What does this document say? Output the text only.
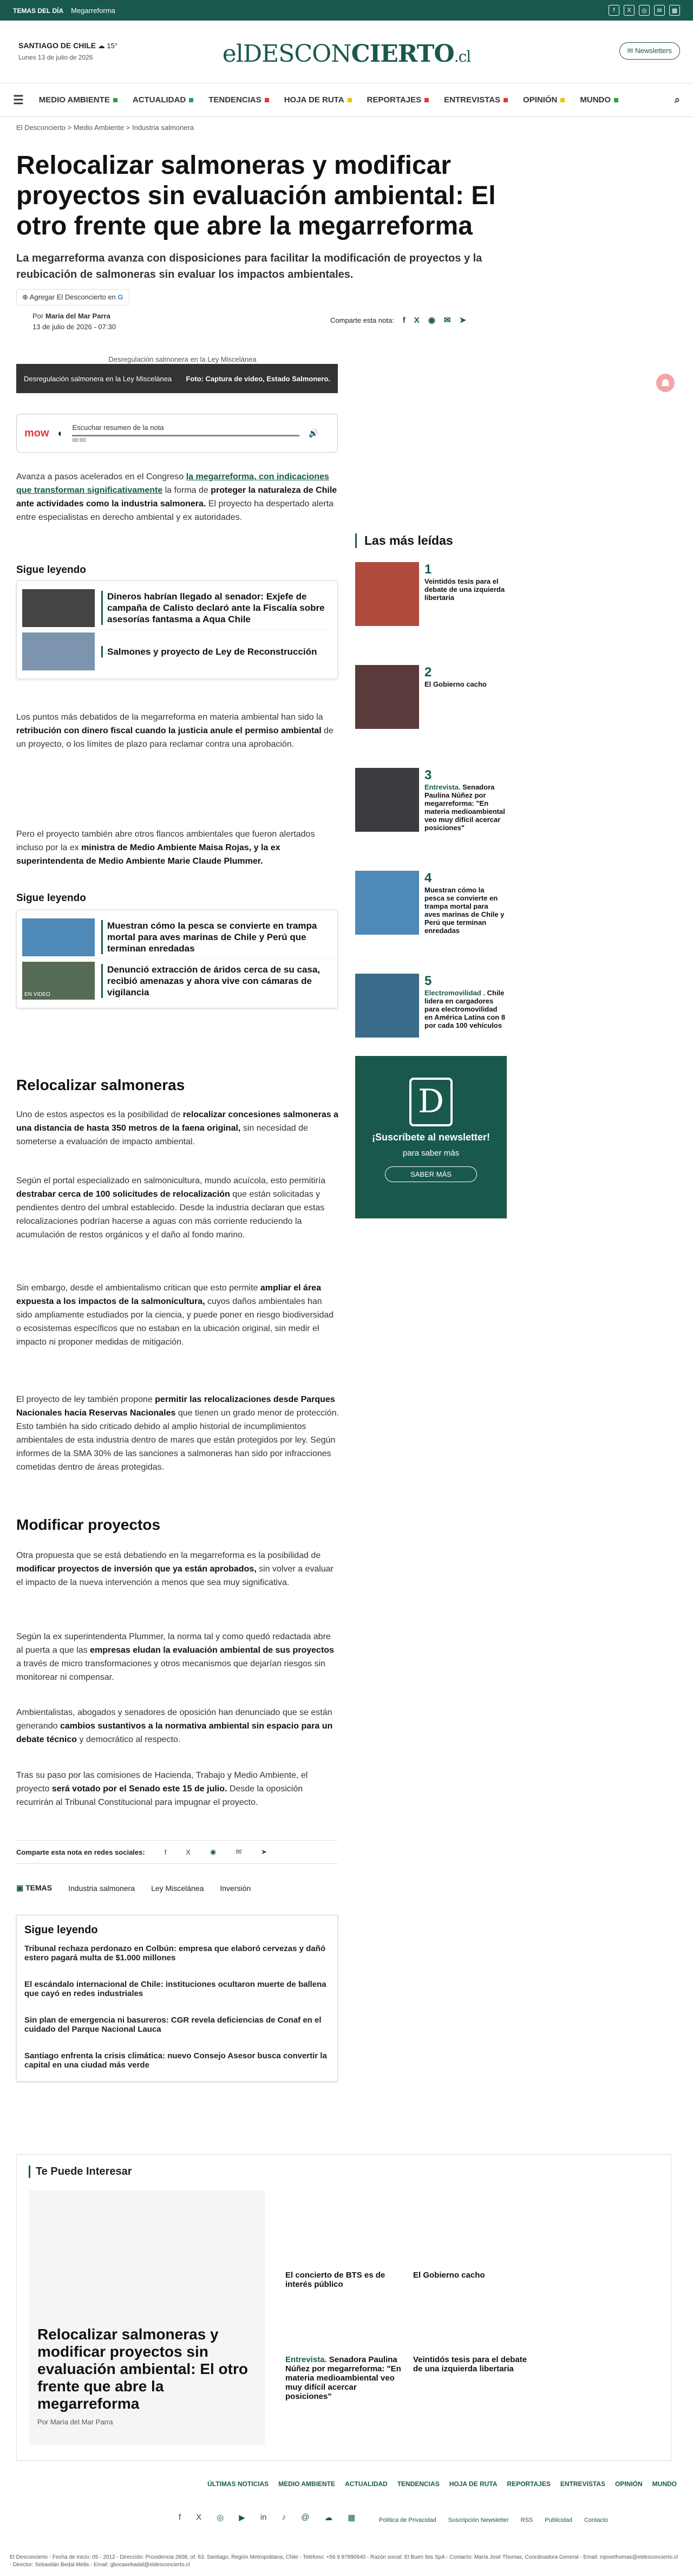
TEMAS DEL DÍA Megarreforma	f	X	◎	✉	▦
SANTIAGO DE CHILE ☁ 15°
Lunes 13 de julio de 2026	elDESCONCIERTO.cl	✉ Newsletters
☰ MEDIO AMBIENTE	ACTUALIDAD	TENDENCIAS	HOJA DE RUTA	REPORTAJES	ENTREVISTAS	OPINIÓN	MUNDO	⌕
El Desconcierto > Medio Ambiente > Industria salmonera
Relocalizar salmoneras y modificar proyectos sin evaluación ambiental: El otro frente que abre la megarreforma
La megarreforma avanza con disposiciones para facilitar la modificación de proyectos y la reubicación de salmoneras sin evaluar los impactos ambientales.
⊕ Agregar El Desconcierto en G
Por María del Mar Parra
13 de julio de 2026 - 07:30
Comparte esta nota: f X ◉ ✉ ➤
Desregulación salmonera en la Ley Miscelánea
Desregulación salmonera en la Ley Miscelánea Foto: Captura de video, Estado Salmonero.	☗
mow ◐
Escuchar resumen de la nota
00:00
🔊
Avanza a pasos acelerados en el Congreso la megarreforma, con indicaciones que transforman significativamente la forma de proteger la naturaleza de Chile ante actividades como la industria salmonera. El proyecto ha despertado alerta entre especialistas en derecho ambiental y ex autoridades.
Sigue leyendo
Dineros habrían llegado al senador: Exjefe de campaña de Calisto declaró ante la Fiscalía sobre asesorías fantasma a Aqua Chile
Salmones y proyecto de Ley de Reconstrucción
Los puntos más debatidos de la megarreforma en materia ambiental han sido la retribución con dinero fiscal cuando la justicia anule el permiso ambiental de un proyecto, o los límites de plazo para reclamar contra una aprobación.
Pero el proyecto también abre otros flancos ambientales que fueron alertados incluso por la ex ministra de Medio Ambiente Maisa Rojas, y la ex superintendenta de Medio Ambiente Marie Claude Plummer.
Sigue leyendo
Muestran cómo la pesca se convierte en trampa mortal para aves marinas de Chile y Perú que terminan enredadas
EN VIDEO
Denunció extracción de áridos cerca de su casa, recibió amenazas y ahora vive con cámaras de vigilancia
Relocalizar salmoneras
Uno de estos aspectos es la posibilidad de relocalizar concesiones salmoneras a una distancia de hasta 350 metros de la faena original, sin necesidad de someterse a evaluación de impacto ambiental.
Según el portal especializado en salmonicultura, mundo acuícola, esto permitiría destrabar cerca de 100 solicitudes de relocalización que están solicitadas y pendientes dentro del umbral establecido. Desde la industria declaran que estas relocalizaciones podrían hacerse a aguas con más corriente reduciendo la acumulación de restos orgánicos y el daño al fondo marino.
Sin embargo, desde el ambientalismo critican que esto permite ampliar el área expuesta a los impactos de la salmonicultura, cuyos daños ambientales han sido ampliamente estudiados por la ciencia, y puede poner en riesgo biodiversidad o ecosistemas específicos que no estaban en la ubicación original, sin medir el impacto ni proponer medidas de mitigación.
El proyecto de ley también propone permitir las relocalizaciones desde Parques Nacionales hacia Reservas Nacionales que tienen un grado menor de protección. Esto también ha sido criticado debido al amplio historial de incumplimientos ambientales de esta industria dentro de mares que están protegidos por ley. Según informes de la SMA 30% de las sanciones a salmoneras han sido por infracciones cometidas dentro de áreas protegidas.
Modificar proyectos
Otra propuesta que se está debatiendo en la megarreforma es la posibilidad de modificar proyectos de inversión que ya están aprobados, sin volver a evaluar el impacto de la nueva intervención a menos que sea muy significativa.
Según la ex superintendenta Plummer, la norma tal y como quedó redactada abre al puerta a que las empresas eludan la evaluación ambiental de sus proyectos a través de micro transformaciones y otros mecanismos que dejarían riesgos sin monitorear ni compensar.
Ambientalistas, abogados y senadores de oposición han denunciado que se están generando cambios sustantivos a la normativa ambiental sin espacio para un debate técnico y democrático al respecto.
Tras su paso por las comisiones de Hacienda, Trabajo y Medio Ambiente, el proyecto será votado por el Senado este 15 de julio. Desde la oposición recurrirán al Tribunal Constitucional para impugnar el proyecto.
Comparte esta nota en redes sociales:	f	X	◉	✉	➤
▣ TEMAS Industria salmonera Ley Miscelánea Inversión
Sigue leyendo
Tribunal rechaza perdonazo en Colbún: empresa que elaboró cervezas y dañó estero pagará multa de $1.000 millones
El escándalo internacional de Chile: instituciones ocultaron muerte de ballena que cayó en redes industriales
Sin plan de emergencia ni basureros: CGR revela deficiencias de Conaf en el cuidado del Parque Nacional Lauca
Santiago enfrenta la crisis climática: nuevo Consejo Asesor busca convertir la capital en una ciudad más verde
Las más leídas
1
Veintidós tesis para el debate de una izquierda libertaria
2
El Gobierno cacho
3
Entrevista. Senadora Paulina Núñez por megarreforma: "En materia medioambiental veo muy difícil acercar posiciones"
4
Muestran cómo la pesca se convierte en trampa mortal para aves marinas de Chile y Perú que terminan enredadas
5
Electromovilidad . Chile lidera en cargadores para electromovilidad en América Latina con 8 por cada 100 vehículos
D
¡Suscríbete al newsletter!
para saber más
SABER MÁS
Te Puede Interesar
Relocalizar salmoneras y modificar proyectos sin evaluación ambiental: El otro frente que abre la megarreforma
Por María del Mar Parra
El concierto de BTS es de interés público
El Gobierno cacho
Entrevista. Senadora Paulina Núñez por megarreforma: "En materia medioambiental veo muy difícil acercar posiciones"
Veintidós tesis para el debate de una izquierda libertaria
ÚLTIMAS NOTICIAS MEDIO AMBIENTE ACTUALIDAD TENDENCIAS HOJA DE RUTA REPORTAJES ENTREVISTAS OPINIÓN MUNDO
f X ◎ ▶ in ♪ @ ☁ ▦	Política de Privacidad Suscripción Newsletter RSS Publicidad Contacto
El Desconcierto - Fecha de Inicio: 05 - 2012 - Dirección: Providencia 2608, of. 63. Santiago, Región Metropolitana, Chile - Teléfono: +56 9 87890640 - Razón social: El Buen Ibis SpA - Contacto: María José Thomas, Coordinadora General - Email: mjosethomas@eldesconcierto.cl - Director: Sebastián Bedal Mella - Email: gbocasebadal@eldesconcierto.cl
